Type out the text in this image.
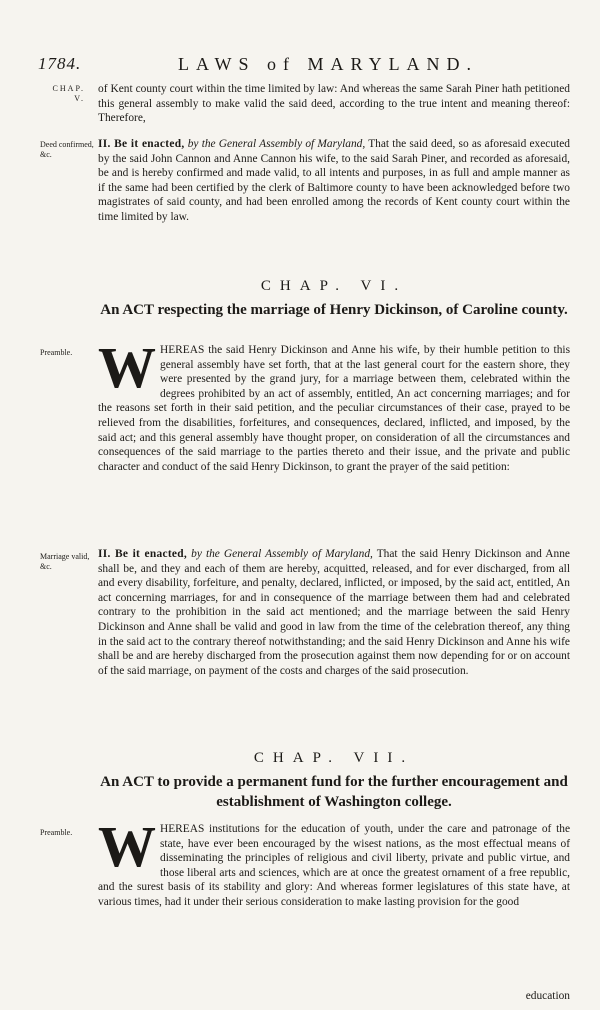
1784.	LAWS of MARYLAND.
CHAP. V.
of Kent county court within the time limited by law: And whereas the same Sarah Piner hath petitioned this general assembly to make valid the said deed, according to the true intent and meaning thereof: Therefore,
Deed confirmed, &c.
II. Be it enacted, by the General Assembly of Maryland, That the said deed, so as aforesaid executed by the said John Cannon and Anne Cannon his wife, to the said Sarah Piner, and recorded as aforesaid, be and is hereby confirmed and made valid, to all intents and purposes, in as full and ample manner as if the same had been certified by the clerk of Baltimore county to have been acknowledged before two magistrates of said county, and had been enrolled among the records of Kent county court within the time limited by law.
CHAP. VI.
An ACT respecting the marriage of Henry Dickinson, of Caroline county.
Preamble. W HEREAS the said Henry Dickinson and Anne his wife, by their humble petition to this general assembly have set forth, that at the last general court for the eastern shore, they were presented by the grand jury, for a marriage between them, celebrated within the degrees prohibited by an act of assembly, entitled, An act concerning marriages; and for the reasons set forth in their said petition, and the peculiar circumstances of their case, prayed to be relieved from the disabilities, forfeitures, and consequences, declared, inflicted, and imposed, by the said act; and this general assembly have thought proper, on consideration of all the circumstances and consequences of the said marriage to the parties thereto and their issue, and the private and public character and conduct of the said Henry Dickinson, to grant the prayer of the said petition:
Marriage valid, &c.
II. Be it enacted, by the General Assembly of Maryland, That the said Henry Dickinson and Anne shall be, and they and each of them are hereby, acquitted, released, and for ever discharged, from all and every disability, forfeiture, and penalty, declared, inflicted, or imposed, by the said act, entitled, An act concerning marriages, for and in consequence of the marriage between them had and celebrated contrary to the prohibition in the said act mentioned; and the marriage between the said Henry Dickinson and Anne shall be valid and good in law from the time of the celebration thereof, any thing in the said act to the contrary thereof notwithstanding; and the said Henry Dickinson and Anne his wife shall be and are hereby discharged from the prosecution against them now depending for or on account of the said marriage, on payment of the costs and charges of the said prosecution.
CHAP. VII.
An ACT to provide a permanent fund for the further encouragement and establishment of Washington college.
Preamble. W HEREAS institutions for the education of youth, under the care and patronage of the state, have ever been encouraged by the wisest nations, as the most effectual means of disseminating the principles of religious and civil liberty, private and public virtue, and those liberal arts and sciences, which are at once the greatest ornament of a free republic, and the surest basis of its stability and glory: And whereas former legislatures of this state have, at various times, had it under their serious consideration to make lasting provision for the good
education
